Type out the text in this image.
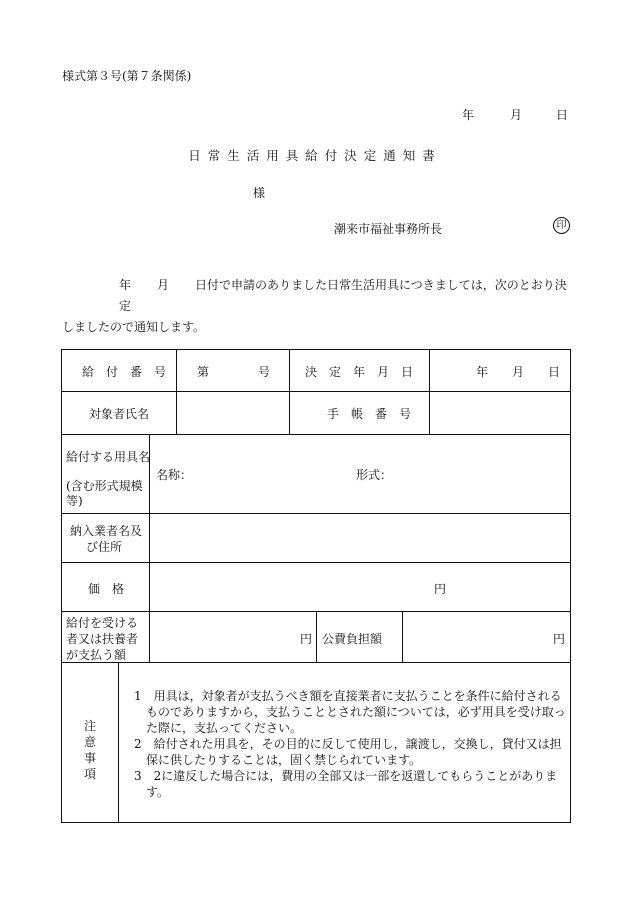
様式第３号(第７条関係)
年	月	日
日常生活用具給付決定通知書
様
潮来市福祉事務所長	印
年 月 日付で申請のありました日常生活用具につきましては，次のとおり決定
しましたので通知します。
給　付　番　号	第	号	決　定　年　月　日	年 月 日
対象者氏名	手　帳　番　号
給付する用具名
(含む形式規模
等)
名称：	形式：
納入業者名及
び住所
価　格	円
給付を受ける
者又は扶養者
が支払う額
円 公費負担額	円
注
意
事
項
1　用具は，対象者が支払うべき額を直接業者に支払うことを条件に給付される
　ものでありますから，支払うこととされた額については，必ず用具を受け取っ
　た際に，支払ってください。
2　給付された用具を，その目的に反して使用し，譲渡し，交換し，貸付又は担
　保に供したりすることは，固く禁じられています。
3　2に違反した場合には，費用の全部又は一部を返還してもらうことがありま
　す。
